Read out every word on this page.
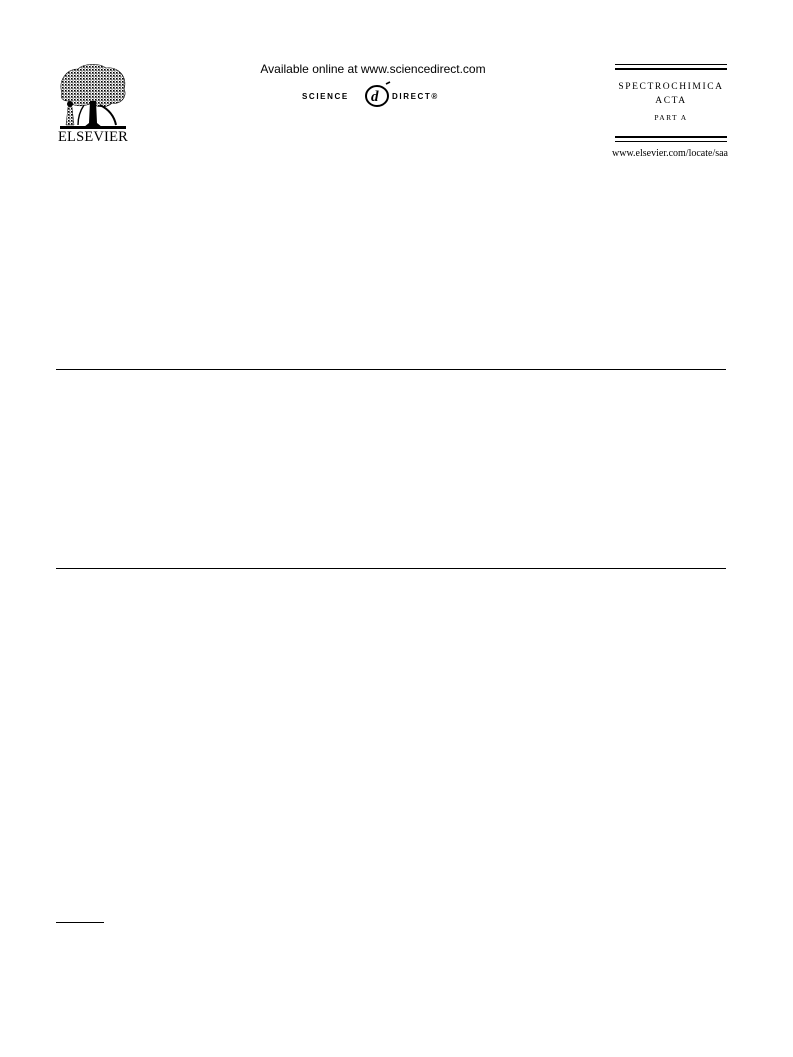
ELSEVIER
Available online at www.sciencedirect.com
SCIENCE d DIRECT®
SPECTROCHIMICA
ACTA
PART A
www.elsevier.com/locate/saa
